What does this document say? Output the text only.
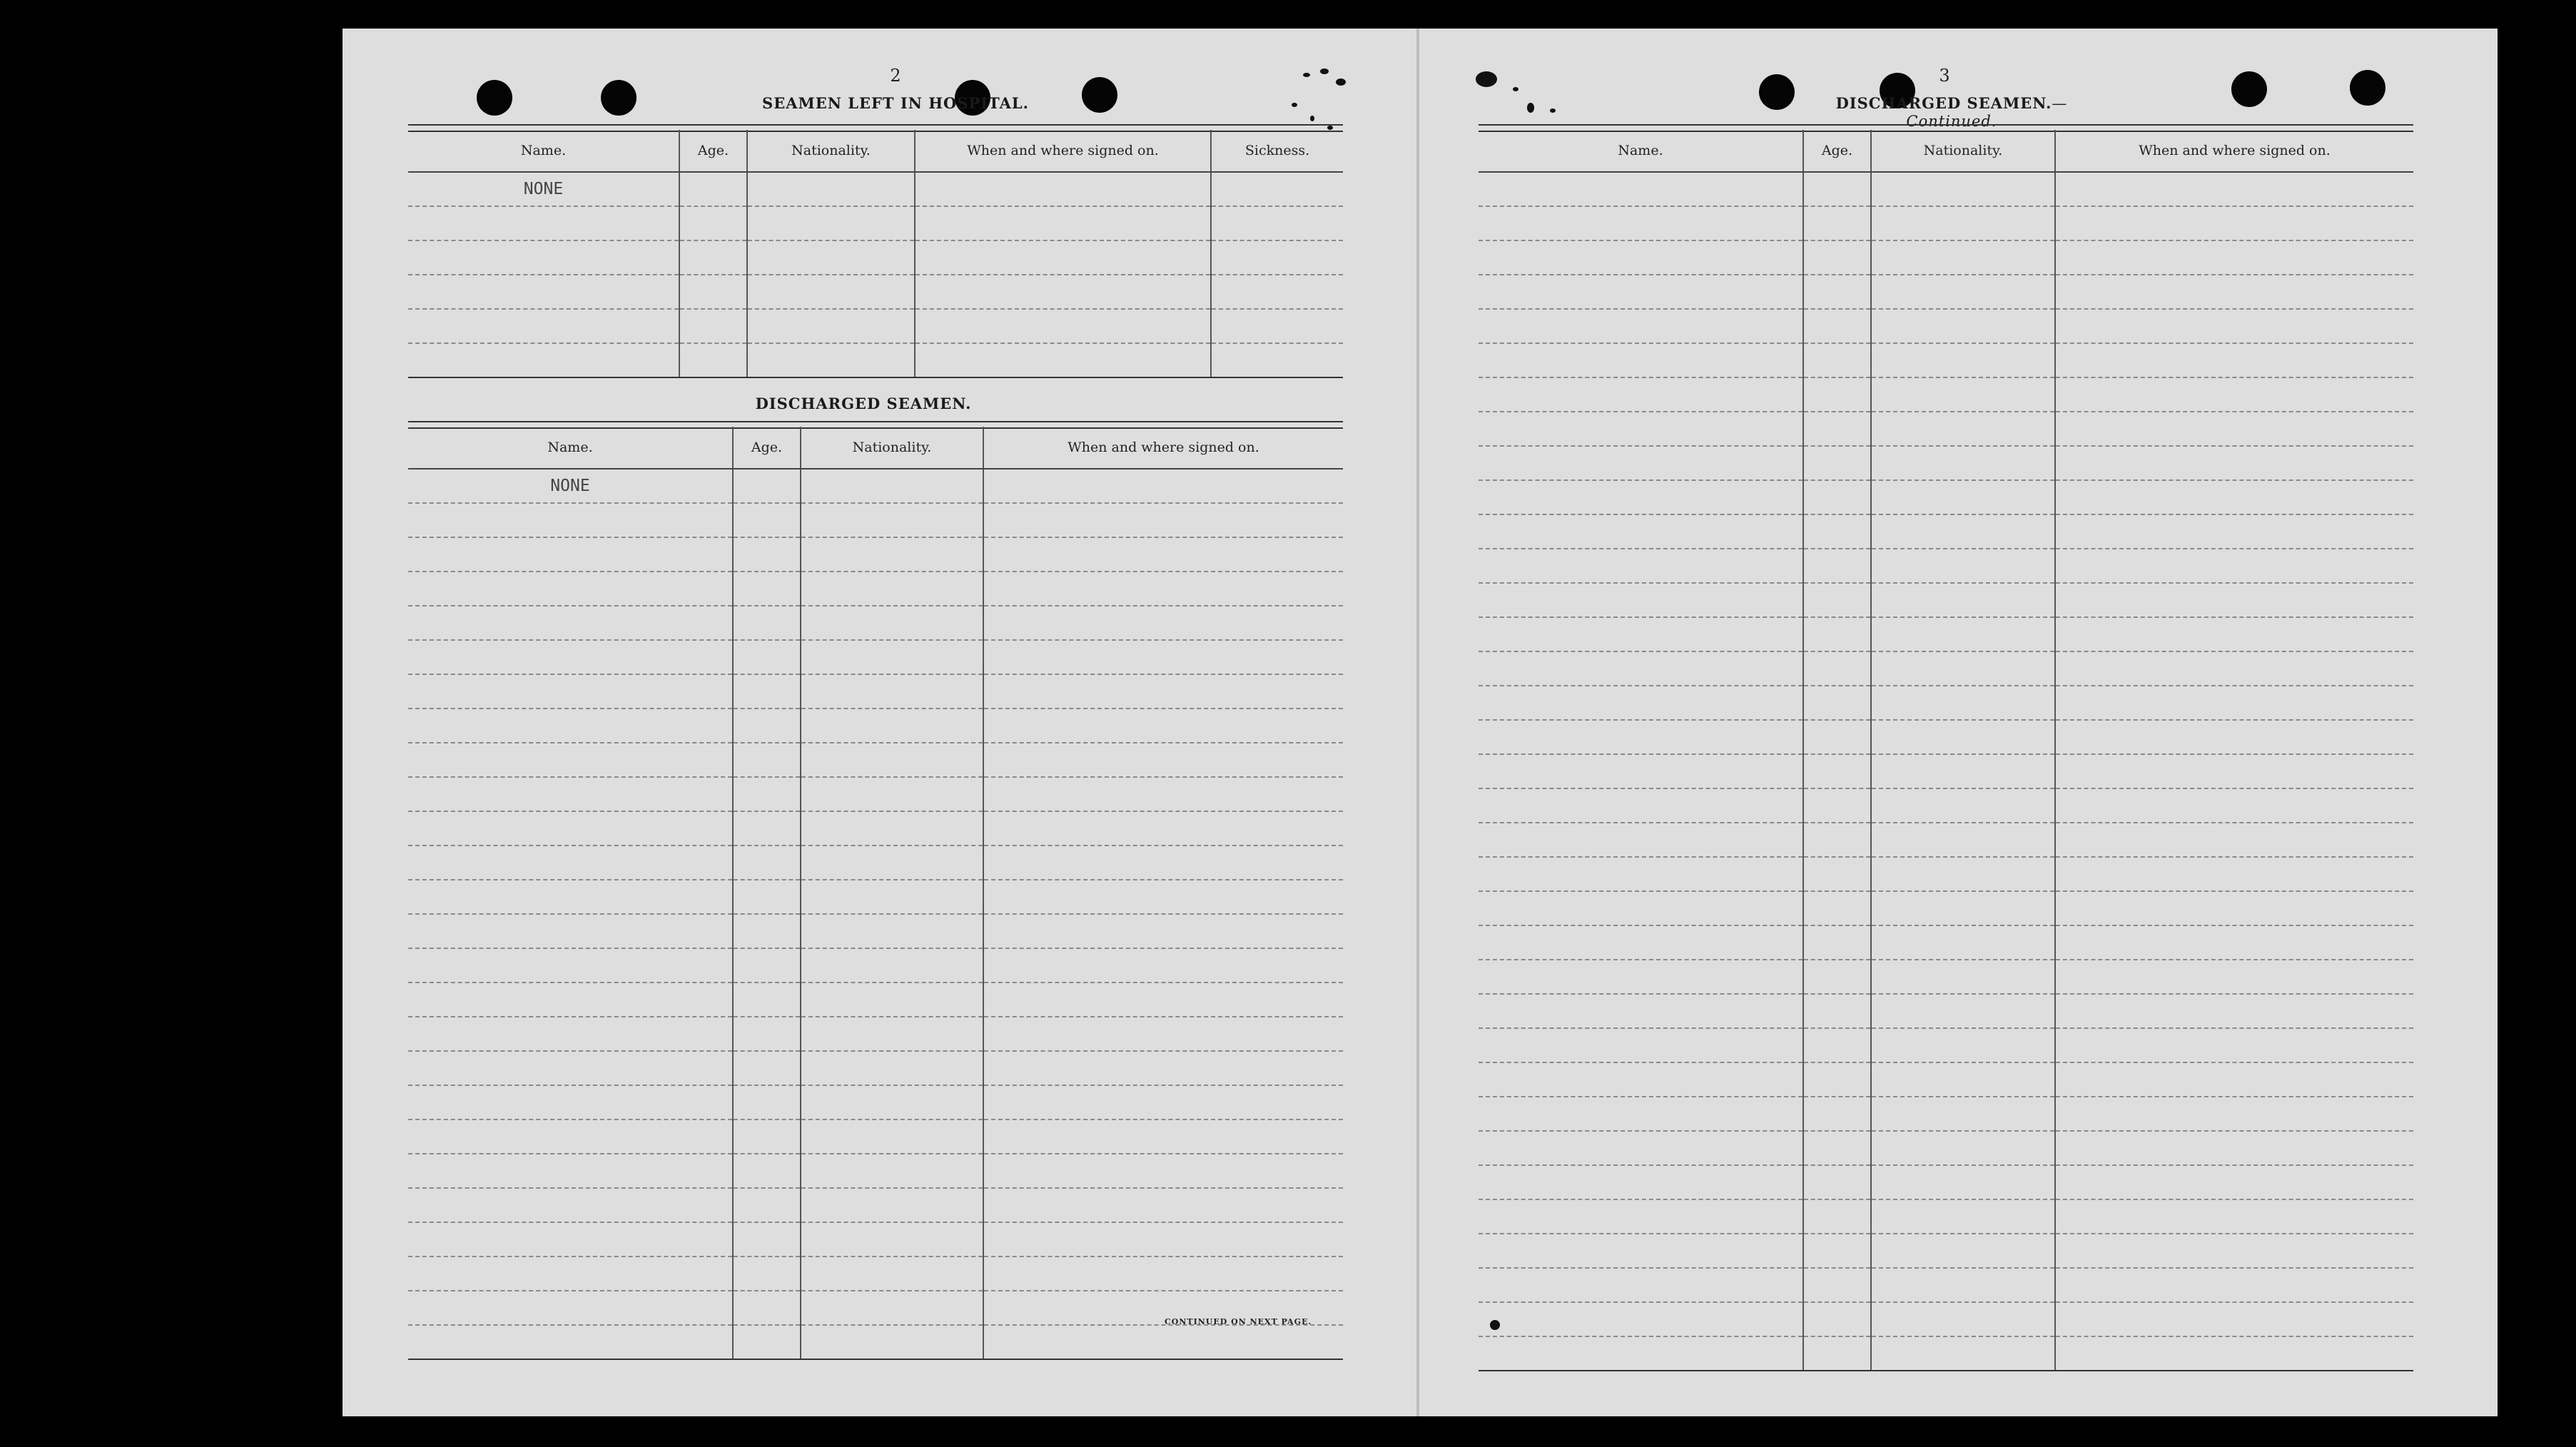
2
SEAMEN LEFT IN HOSPITAL.
Name.	Age.	Nationality.	When and where signed on.	Sickness.
NONE				

DISCHARGED SEAMEN.
Name.	Age.	Nationality.	When and where signed on.
NONE			

CONTINUED ON NEXT PAGE.
3
DISCHARGED SEAMEN.—Continued.
Name.	Age.	Nationality.	When and where signed on.
